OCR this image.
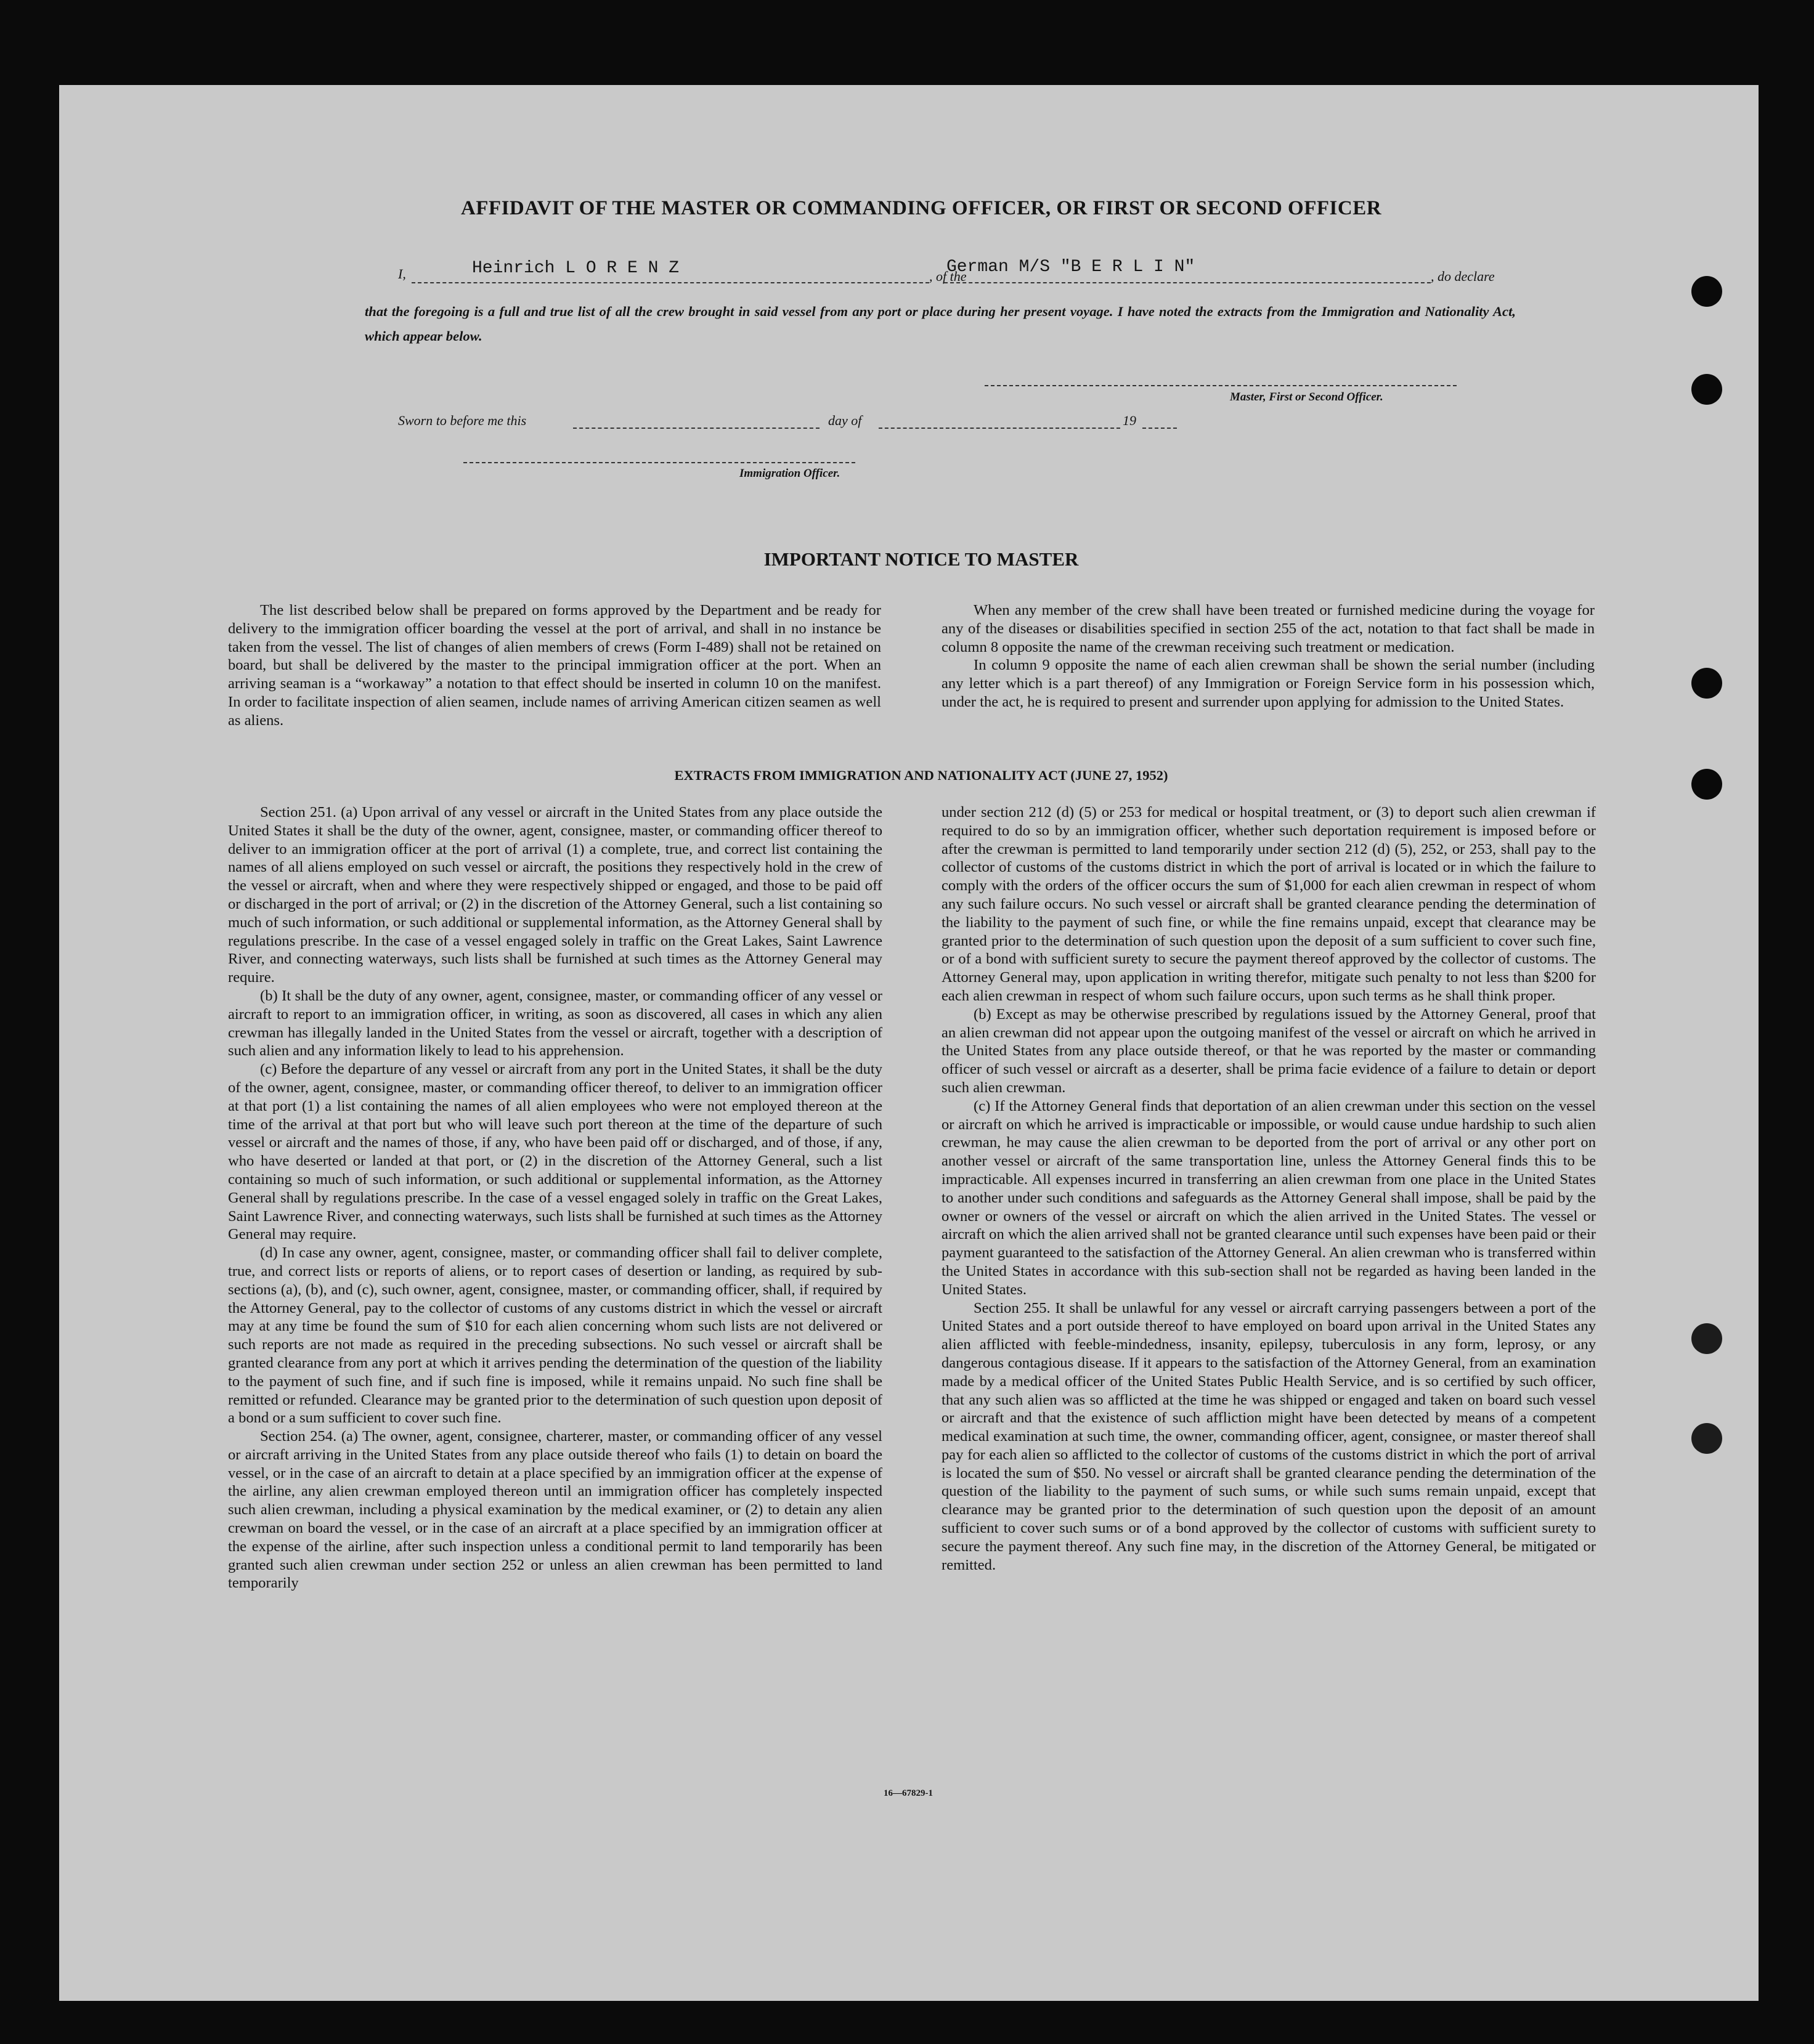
AFFIDAVIT OF THE MASTER OR COMMANDING OFFICER, OR FIRST OR SECOND OFFICER
I,	Heinrich L O R E N Z	, of the
German M/S "B E R L I N"	, do declare
that the foregoing is a full and true list of all the crew brought in said vessel from any port or place during her present voyage. I have noted the extracts from the Immigration and Nationality Act, which appear below.
Master, First or Second Officer.
Sworn to before me this	day of	19
Immigration Officer.
IMPORTANT NOTICE TO MASTER

The list described below shall be prepared on forms approved by the Department and be ready for delivery to the immigration officer boarding the vessel at the port of arrival, and shall in no instance be taken from the vessel. The list of changes of alien members of crews (Form I-489) shall not be retained on board, but shall be delivered by the master to the principal immigration officer at the port. When an arriving seaman is a “workaway” a notation to that effect should be inserted in column 10 on the manifest. In order to facilitate inspection of alien seamen, include names of arriving American citizen seamen as well as aliens.

When any member of the crew shall have been treated or furnished medicine during the voyage for any of the diseases or disabilities specified in section 255 of the act, notation to that fact shall be made in column 8 opposite the name of the crewman receiving such treatment or medication.

In column 9 opposite the name of each alien crewman shall be shown the serial number (including any letter which is a part thereof) of any Immigration or Foreign Service form in his possession which, under the act, he is required to present and surrender upon applying for admission to the United States.

EXTRACTS FROM IMMIGRATION AND NATIONALITY ACT (JUNE 27, 1952)

Section 251. (a) Upon arrival of any vessel or aircraft in the United States from any place outside the United States it shall be the duty of the owner, agent, consignee, master, or commanding officer thereof to deliver to an immigration officer at the port of arrival (1) a complete, true, and correct list containing the names of all aliens employed on such vessel or aircraft, the positions they respectively hold in the crew of the vessel or aircraft, when and where they were respectively shipped or engaged, and those to be paid off or discharged in the port of arrival; or (2) in the discretion of the Attorney General, such a list containing so much of such information, or such additional or supplemental information, as the Attorney General shall by regulations prescribe. In the case of a vessel engaged solely in traffic on the Great Lakes, Saint Lawrence River, and connecting waterways, such lists shall be furnished at such times as the Attorney General may require.

(b) It shall be the duty of any owner, agent, consignee, master, or commanding officer of any vessel or aircraft to report to an immigration officer, in writing, as soon as discovered, all cases in which any alien crewman has illegally landed in the United States from the vessel or aircraft, together with a description of such alien and any information likely to lead to his apprehension.

(c) Before the departure of any vessel or aircraft from any port in the United States, it shall be the duty of the owner, agent, consignee, master, or commanding officer thereof, to deliver to an immigration officer at that port (1) a list containing the names of all alien employees who were not employed thereon at the time of the arrival at that port but who will leave such port thereon at the time of the departure of such vessel or aircraft and the names of those, if any, who have been paid off or discharged, and of those, if any, who have deserted or landed at that port, or (2) in the discretion of the Attorney General, such a list containing so much of such information, or such additional or supplemental information, as the Attorney General shall by regulations prescribe. In the case of a vessel engaged solely in traffic on the Great Lakes, Saint Lawrence River, and connecting waterways, such lists shall be furnished at such times as the Attorney General may require.

(d) In case any owner, agent, consignee, master, or commanding officer shall fail to deliver complete, true, and correct lists or reports of aliens, or to report cases of desertion or landing, as required by sub-sections (a), (b), and (c), such owner, agent, consignee, master, or commanding officer, shall, if required by the Attorney General, pay to the collector of customs of any customs district in which the vessel or aircraft may at any time be found the sum of $10 for each alien concerning whom such lists are not delivered or such reports are not made as required in the preceding subsections. No such vessel or aircraft shall be granted clearance from any port at which it arrives pending the determination of the question of the liability to the payment of such fine, and if such fine is imposed, while it remains unpaid. No such fine shall be remitted or refunded. Clearance may be granted prior to the determination of such question upon deposit of a bond or a sum sufficient to cover such fine.

Section 254. (a) The owner, agent, consignee, charterer, master, or commanding officer of any vessel or aircraft arriving in the United States from any place outside thereof who fails (1) to detain on board the vessel, or in the case of an aircraft to detain at a place specified by an immigration officer at the expense of the airline, any alien crewman employed thereon until an immigration officer has completely inspected such alien crewman, including a physical examination by the medical examiner, or (2) to detain any alien crewman on board the vessel, or in the case of an aircraft at a place specified by an immigration officer at the expense of the airline, after such inspection unless a conditional permit to land temporarily has been granted such alien crewman under section 252 or unless an alien crewman has been permitted to land temporarily

under section 212 (d) (5) or 253 for medical or hospital treatment, or (3) to deport such alien crewman if required to do so by an immigration officer, whether such deportation requirement is imposed before or after the crewman is permitted to land temporarily under section 212 (d) (5), 252, or 253, shall pay to the collector of customs of the customs district in which the port of arrival is located or in which the failure to comply with the orders of the officer occurs the sum of $1,000 for each alien crewman in respect of whom any such failure occurs. No such vessel or aircraft shall be granted clearance pending the determination of the liability to the payment of such fine, or while the fine remains unpaid, except that clearance may be granted prior to the determination of such question upon the deposit of a sum sufficient to cover such fine, or of a bond with sufficient surety to secure the payment thereof approved by the collector of customs. The Attorney General may, upon application in writing therefor, mitigate such penalty to not less than $200 for each alien crewman in respect of whom such failure occurs, upon such terms as he shall think proper.

(b) Except as may be otherwise prescribed by regulations issued by the Attorney General, proof that an alien crewman did not appear upon the outgoing manifest of the vessel or aircraft on which he arrived in the United States from any place outside thereof, or that he was reported by the master or commanding officer of such vessel or aircraft as a deserter, shall be prima facie evidence of a failure to detain or deport such alien crewman.

(c) If the Attorney General finds that deportation of an alien crewman under this section on the vessel or aircraft on which he arrived is impracticable or impossible, or would cause undue hardship to such alien crewman, he may cause the alien crewman to be deported from the port of arrival or any other port on another vessel or aircraft of the same transportation line, unless the Attorney General finds this to be impracticable. All expenses incurred in transferring an alien crewman from one place in the United States to another under such conditions and safeguards as the Attorney General shall impose, shall be paid by the owner or owners of the vessel or aircraft on which the alien arrived in the United States. The vessel or aircraft on which the alien arrived shall not be granted clearance until such expenses have been paid or their payment guaranteed to the satisfaction of the Attorney General. An alien crewman who is transferred within the United States in accordance with this sub-section shall not be regarded as having been landed in the United States.

Section 255. It shall be unlawful for any vessel or aircraft carrying passengers between a port of the United States and a port outside thereof to have employed on board upon arrival in the United States any alien afflicted with feeble-mindedness, insanity, epilepsy, tuberculosis in any form, leprosy, or any dangerous contagious disease. If it appears to the satisfaction of the Attorney General, from an examination made by a medical officer of the United States Public Health Service, and is so certified by such officer, that any such alien was so afflicted at the time he was shipped or engaged and taken on board such vessel or aircraft and that the existence of such affliction might have been detected by means of a competent medical examination at such time, the owner, commanding officer, agent, consignee, or master thereof shall pay for each alien so afflicted to the collector of customs of the customs district in which the port of arrival is located the sum of $50. No vessel or aircraft shall be granted clearance pending the determination of the question of the liability to the payment of such sums, or while such sums remain unpaid, except that clearance may be granted prior to the determination of such question upon the deposit of an amount sufficient to cover such sums or of a bond approved by the collector of customs with sufficient surety to secure the payment thereof. Any such fine may, in the discretion of the Attorney General, be mitigated or remitted.

16—67829-1
